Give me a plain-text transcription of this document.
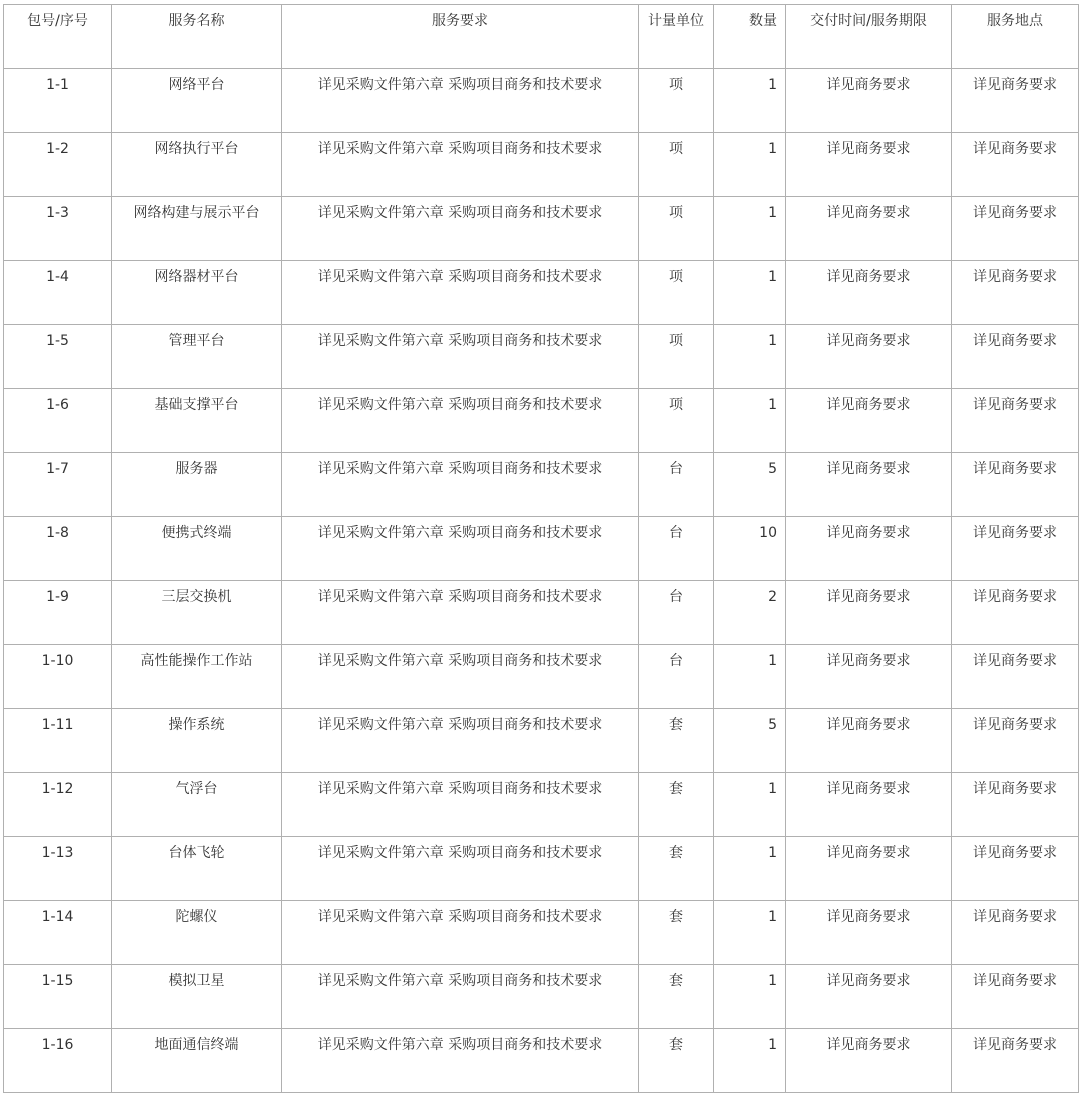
包号/序号	服务名称	服务要求	计量单位	数量	交付时间/服务期限	服务地点
1-1	网络平台	详见采购文件第六章 采购项目商务和技术要求	项	1	详见商务要求	详见商务要求
1-2	网络执行平台	详见采购文件第六章 采购项目商务和技术要求	项	1	详见商务要求	详见商务要求
1-3	网络构建与展示平台	详见采购文件第六章 采购项目商务和技术要求	项	1	详见商务要求	详见商务要求
1-4	网络器材平台	详见采购文件第六章 采购项目商务和技术要求	项	1	详见商务要求	详见商务要求
1-5	管理平台	详见采购文件第六章 采购项目商务和技术要求	项	1	详见商务要求	详见商务要求
1-6	基础支撑平台	详见采购文件第六章 采购项目商务和技术要求	项	1	详见商务要求	详见商务要求
1-7	服务器	详见采购文件第六章 采购项目商务和技术要求	台	5	详见商务要求	详见商务要求
1-8	便携式终端	详见采购文件第六章 采购项目商务和技术要求	台	10	详见商务要求	详见商务要求
1-9	三层交换机	详见采购文件第六章 采购项目商务和技术要求	台	2	详见商务要求	详见商务要求
1-10	高性能操作工作站	详见采购文件第六章 采购项目商务和技术要求	台	1	详见商务要求	详见商务要求
1-11	操作系统	详见采购文件第六章 采购项目商务和技术要求	套	5	详见商务要求	详见商务要求
1-12	气浮台	详见采购文件第六章 采购项目商务和技术要求	套	1	详见商务要求	详见商务要求
1-13	台体飞轮	详见采购文件第六章 采购项目商务和技术要求	套	1	详见商务要求	详见商务要求
1-14	陀螺仪	详见采购文件第六章 采购项目商务和技术要求	套	1	详见商务要求	详见商务要求
1-15	模拟卫星	详见采购文件第六章 采购项目商务和技术要求	套	1	详见商务要求	详见商务要求
1-16	地面通信终端	详见采购文件第六章 采购项目商务和技术要求	套	1	详见商务要求	详见商务要求
